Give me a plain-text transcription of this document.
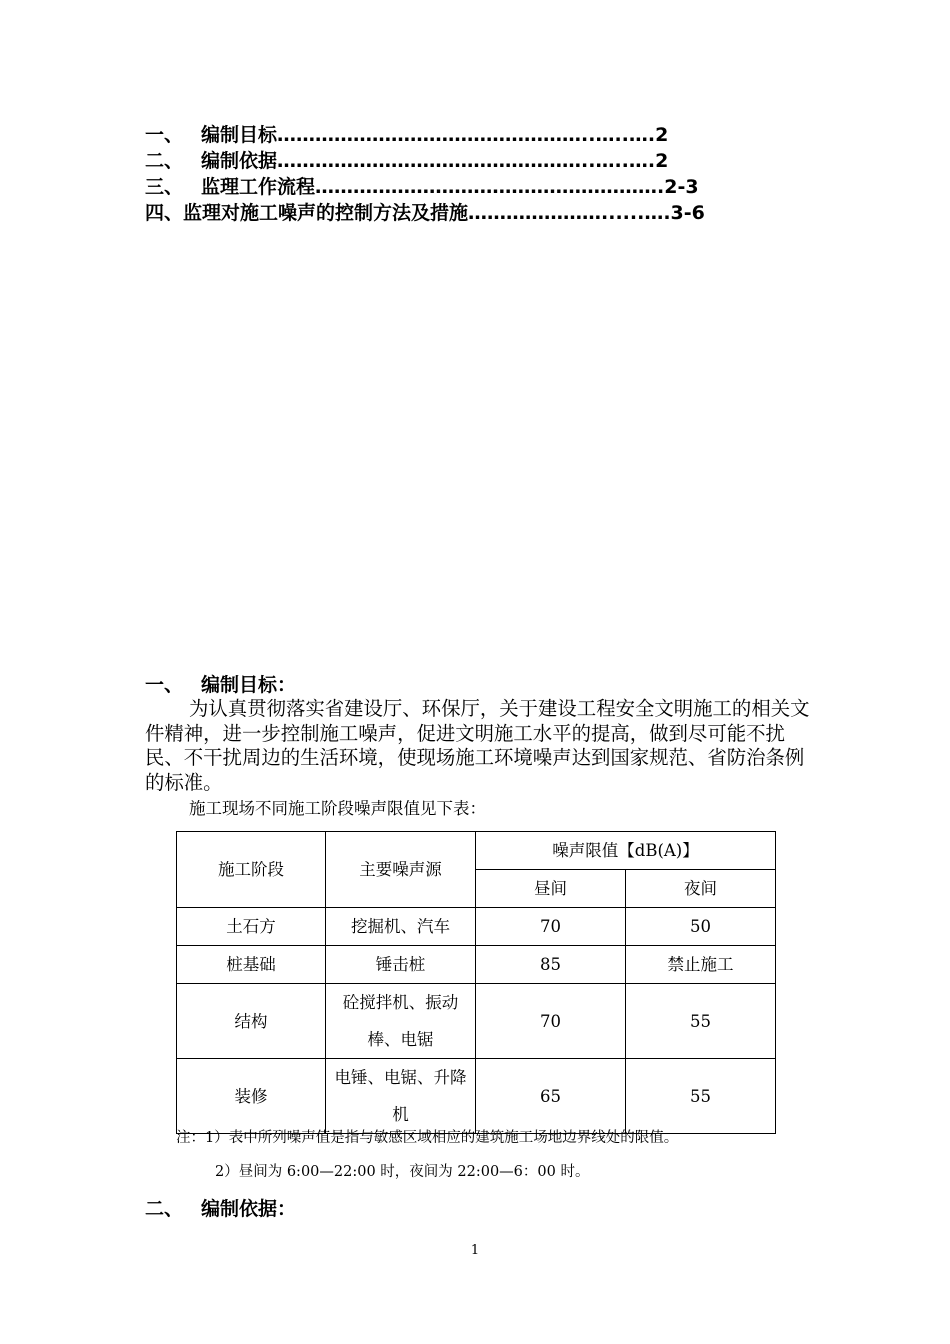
一、 编制目标…………………………………………..…..….2
二、 编制依据…………………………………………..…..….2
三、 监理工作流程……………………………………………….2-3
四、监理对施工噪声的控制方法及措施…………………......….3-6
一、 编制目标：

为认真贯彻落实省建设厅、环保厅，关于建设工程安全文明施工的相关文件精神，进一步控制施工噪声，促进文明施工水平的提高，做到尽可能不扰民、不干扰周边的生活环境，使现场施工环境噪声达到国家规范、省防治条例的标准。

施工现场不同施工阶段噪声限值见下表：
施工阶段	主要噪声源	噪声限值【dB(A)】	
		昼间	夜间
土石方	挖掘机、汽车	70	50
桩基础	锤击桩	85	禁止施工
结构	砼搅拌机、振动棒、电锯	70	55
装修	电锤、电锯、升降机	65	55
注：1）表中所列噪声值是指与敏感区域相应的建筑施工场地边界线处的限值。
2）昼间为 6:00—22:00 时，夜间为 22:00—6：00 时。
二、 编制依据：
1
